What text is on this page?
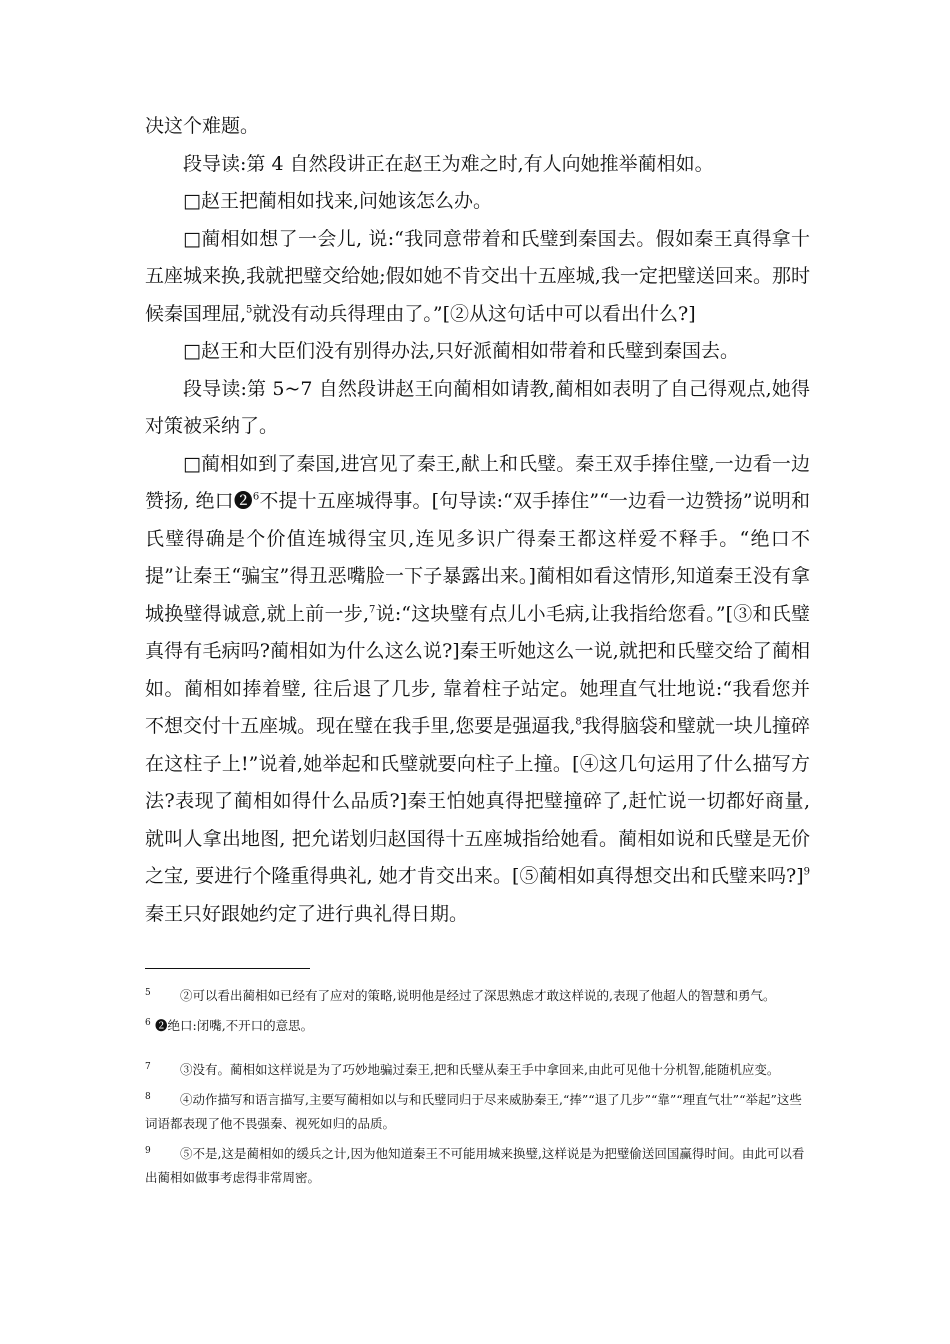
决这个难题。

段导读:第 4 自然段讲正在赵王为难之时,有人向她推举蔺相如。

□赵王把蔺相如找来,问她该怎么办。

□蔺相如想了一会儿, 说:“我同意带着和氏璧到秦国去。假如秦王真得拿十五座城来换,我就把璧交给她;假如她不肯交出十五座城,我一定把璧送回来。那时候秦国理屈,$^5$就没有动兵得理由了。”[②从这句话中可以看出什么?]

□赵王和大臣们没有别得办法,只好派蔺相如带着和氏璧到秦国去。

段导读:第 5~7 自然段讲赵王向蔺相如请教,蔺相如表明了自己得观点,她得对策被采纳了。

□蔺相如到了秦国,进宫见了秦王,献上和氏璧。秦王双手捧住璧,一边看一边赞扬, 绝口❷$^6$不提十五座城得事。[句导读:“双手捧住”“一边看一边赞扬”说明和氏璧得确是个价值连城得宝贝,连见多识广得秦王都这样爱不释手。“绝口不提”让秦王“骗宝”得丑恶嘴脸一下子暴露出来。]蔺相如看这情形,知道秦王没有拿城换璧得诚意,就上前一步,$^7$说:“这块璧有点儿小毛病,让我指给您看。”[③和氏璧真得有毛病吗?蔺相如为什么这么说?]秦王听她这么一说,就把和氏璧交给了蔺相如。蔺相如捧着璧, 往后退了几步, 靠着柱子站定。她理直气壮地说:“我看您并不想交付十五座城。现在璧在我手里,您要是强逼我,$^8$我得脑袋和璧就一块儿撞碎在这柱子上!”说着,她举起和氏璧就要向柱子上撞。[④这几句运用了什么描写方法?表现了蔺相如得什么品质?]秦王怕她真得把璧撞碎了,赶忙说一切都好商量, 就叫人拿出地图, 把允诺划归赵国得十五座城指给她看。蔺相如说和氏璧是无价之宝, 要进行个隆重得典礼, 她才肯交出来。[⑤蔺相如真得想交出和氏璧来吗?]$^9$秦王只好跟她约定了进行典礼得日期。

5 ②可以看出蔺相如已经有了应对的策略,说明他是经过了深思熟虑才敢这样说的,表现了他超人的智慧和勇气。

6 ❷绝口:闭嘴,不开口的意思。

7 ③没有。蔺相如这样说是为了巧妙地骗过秦王,把和氏璧从秦王手中拿回来,由此可见他十分机智,能随机应变。

8 ④动作描写和语言描写,主要写蔺相如以与和氏璧同归于尽来威胁秦王,“捧”“退了几步”“靠”“理直气壮”“举起”这些词语都表现了他不畏强秦、视死如归的品质。

9 ⑤不是,这是蔺相如的缓兵之计,因为他知道秦王不可能用城来换璧,这样说是为把璧偷送回国赢得时间。由此可以看出蔺相如做事考虑得非常周密。
